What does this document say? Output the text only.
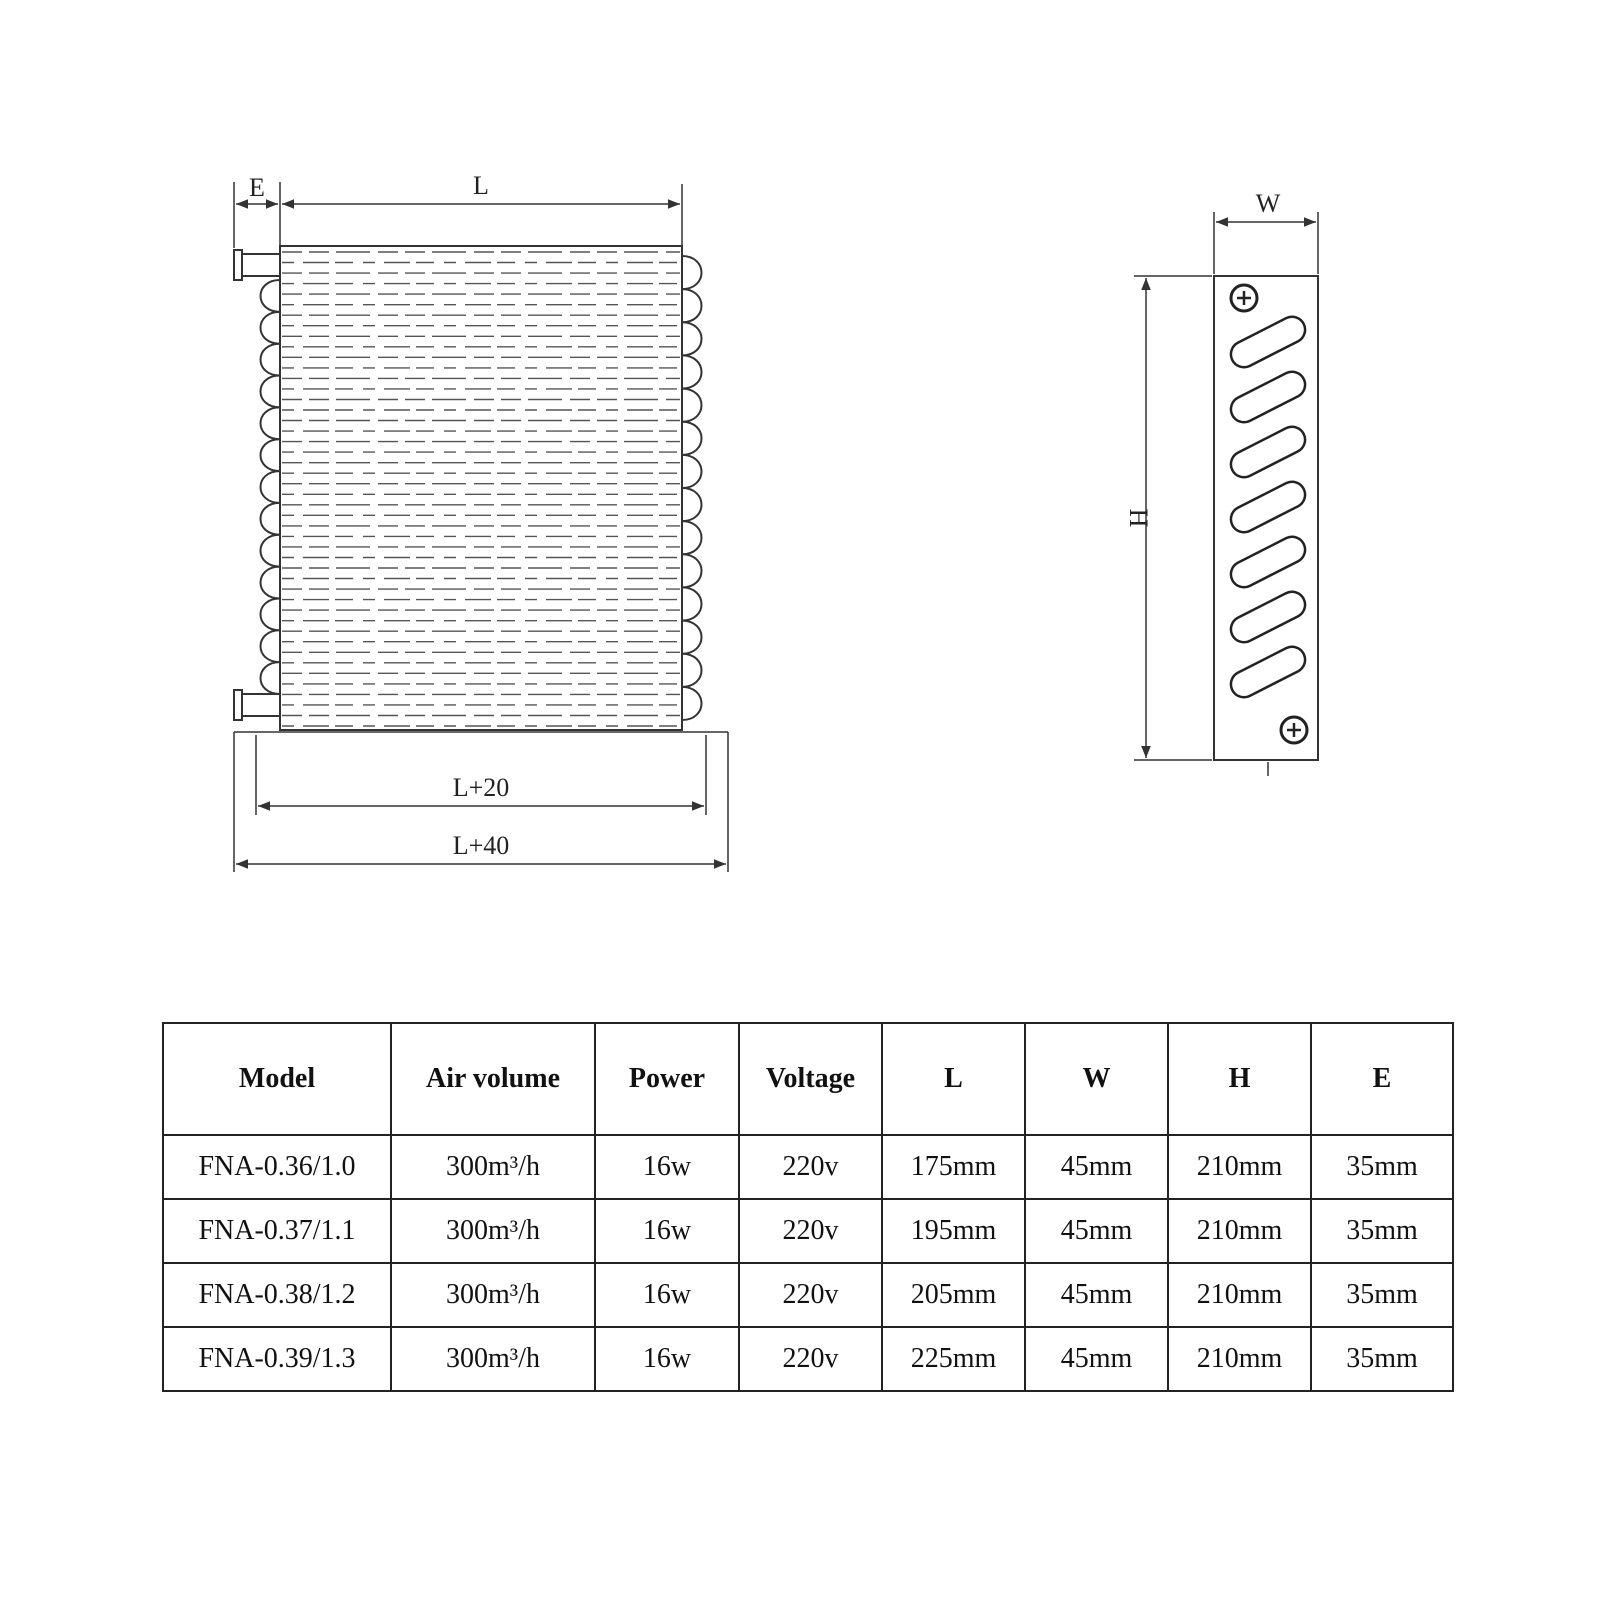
E	L
L+20
L+40
W
H
Model	Air volume	Power	Voltage	L	W	H	E
FNA-0.36/1.0	300m³/h	16w	220v	175mm	45mm	210mm	35mm
FNA-0.37/1.1	300m³/h	16w	220v	195mm	45mm	210mm	35mm
FNA-0.38/1.2	300m³/h	16w	220v	205mm	45mm	210mm	35mm
FNA-0.39/1.3	300m³/h	16w	220v	225mm	45mm	210mm	35mm
